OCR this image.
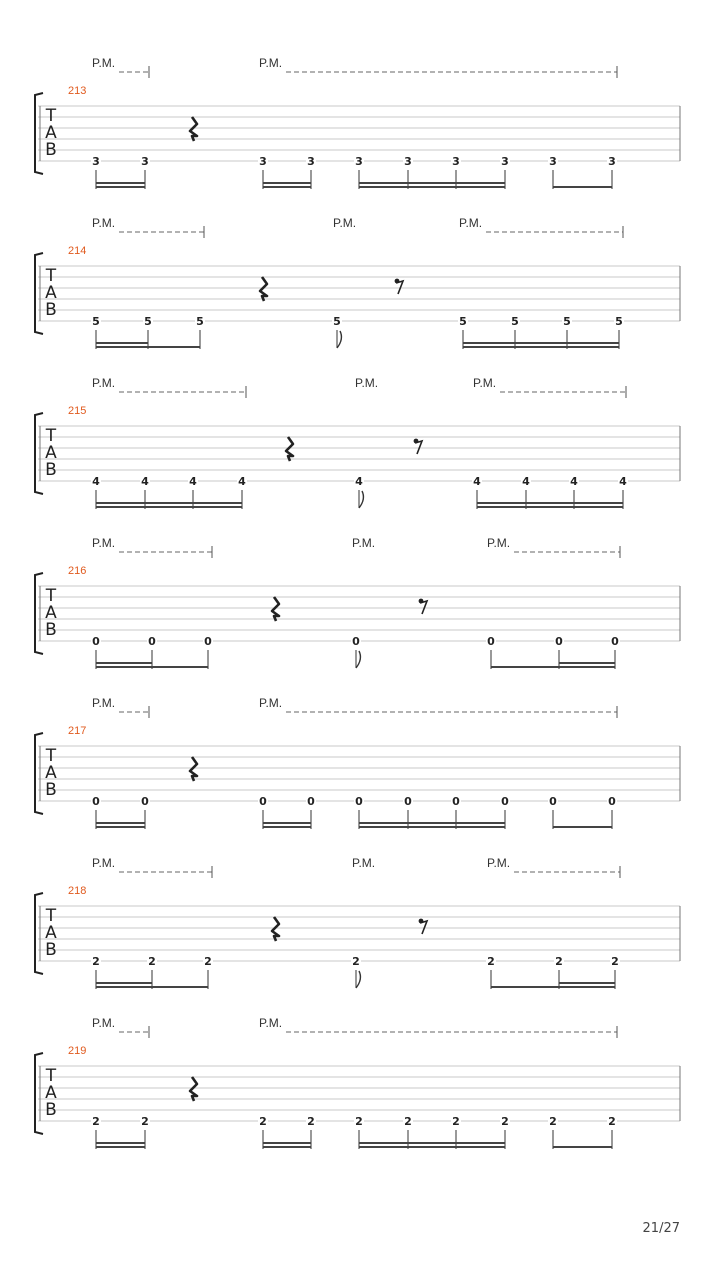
T
A
B
213
P.M.	P.M.
3	3	3	3	3	3	3	3	3	3
T
A
B
214
P.M.	P.M.	P.M.
5	5	5	5	5	5	5	5
T
A
B
215
P.M.	P.M.	P.M.
4	4	4	4	4	4	4	4	4
T
A
B
216
P.M.	P.M.	P.M.
0	0	0	0	0	0	0
T
A
B
217
P.M.	P.M.
0	0	0	0	0	0	0	0	0	0
T
A
B
218
P.M.	P.M.	P.M.
2	2	2	2	2	2	2
T
A
B
219
P.M.	P.M.
2	2	2	2	2	2	2	2	2	2
21/27
